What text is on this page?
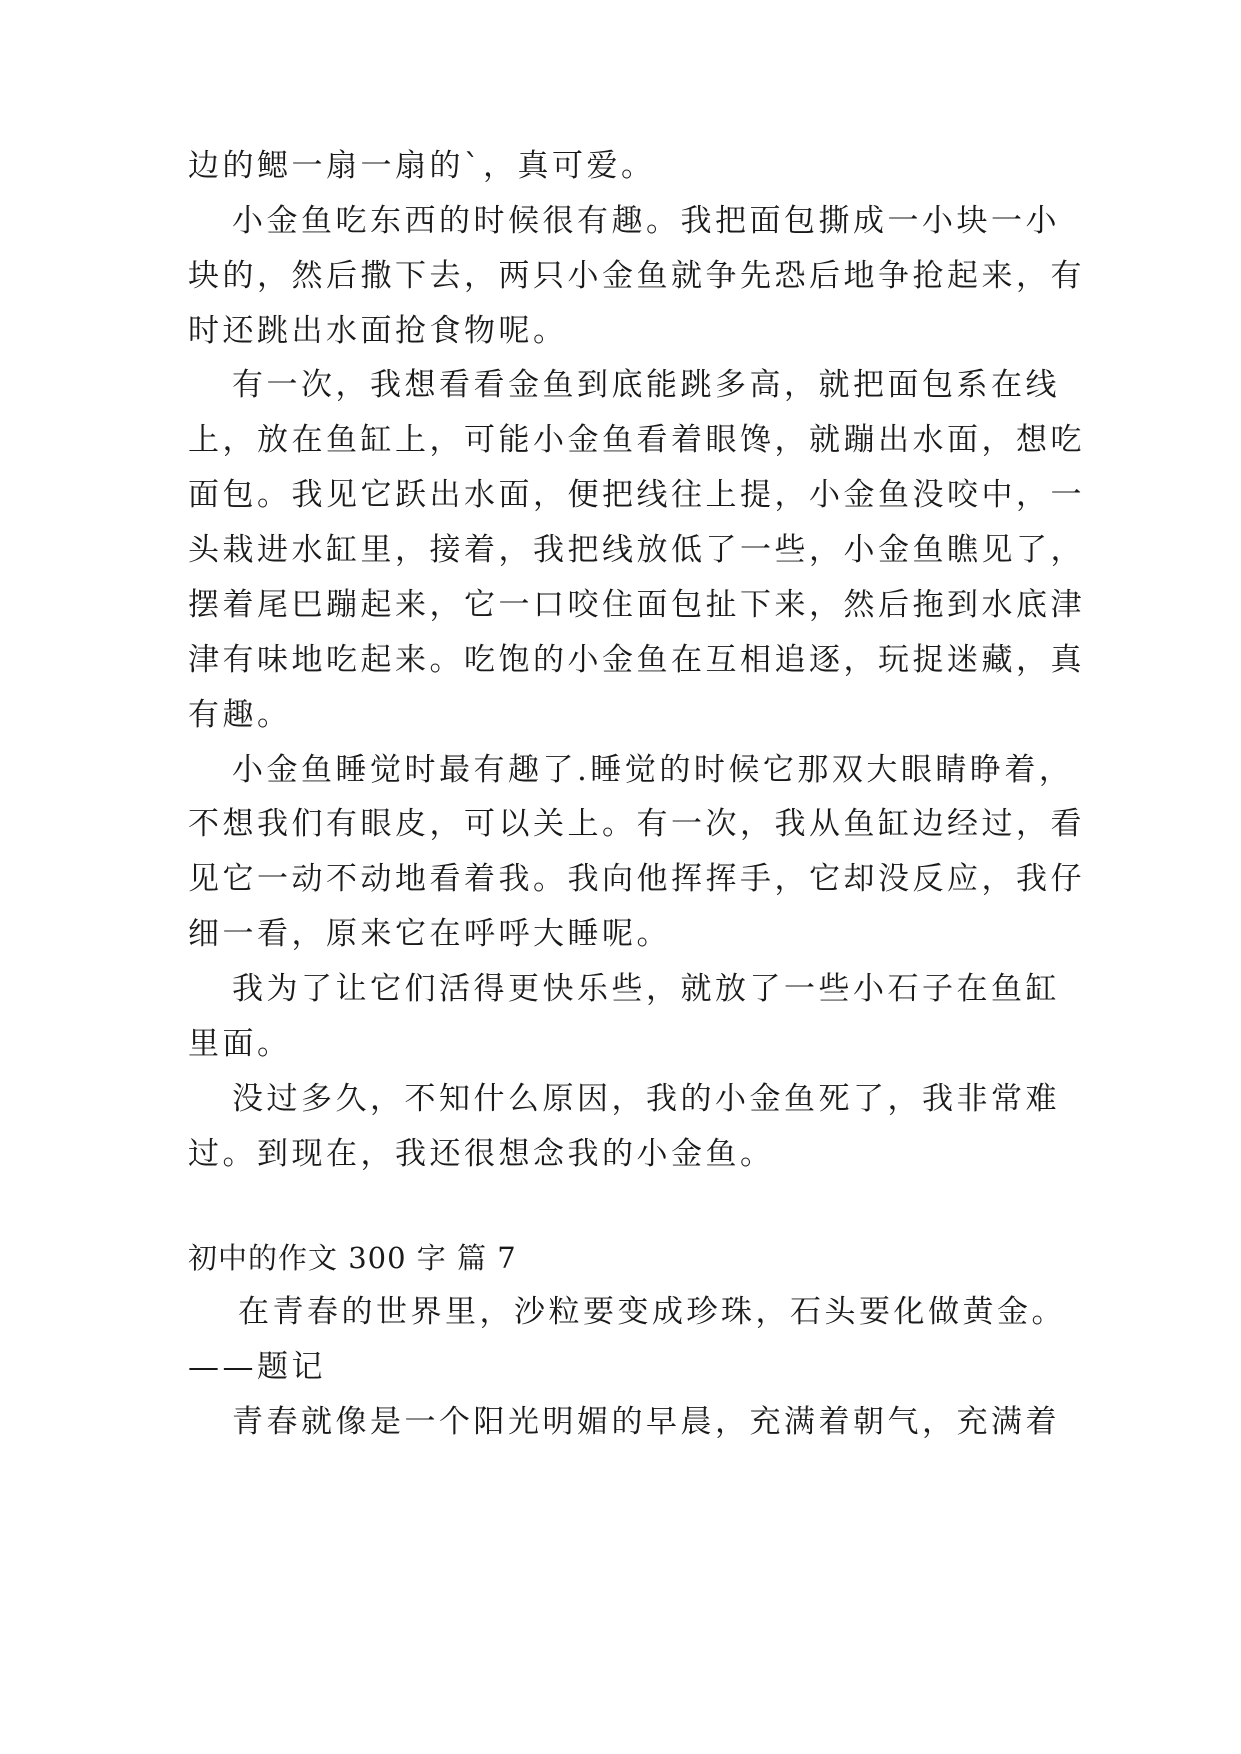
边的鳃一扇一扇的`，真可爱。
小金鱼吃东西的时候很有趣。我把面包撕成一小块一小
块的，然后撒下去，两只小金鱼就争先恐后地争抢起来，有
时还跳出水面抢食物呢。
有一次，我想看看金鱼到底能跳多高，就把面包系在线
上，放在鱼缸上，可能小金鱼看着眼馋，就蹦出水面，想吃
面包。我见它跃出水面，便把线往上提，小金鱼没咬中，一
头栽进水缸里，接着，我把线放低了一些，小金鱼瞧见了，
摆着尾巴蹦起来，它一口咬住面包扯下来，然后拖到水底津
津有味地吃起来。吃饱的小金鱼在互相追逐，玩捉迷藏，真
有趣。
小金鱼睡觉时最有趣了.睡觉的时候它那双大眼睛睁着，
不想我们有眼皮，可以关上。有一次，我从鱼缸边经过，看
见它一动不动地看着我。我向他挥挥手，它却没反应，我仔
细一看，原来它在呼呼大睡呢。
我为了让它们活得更快乐些，就放了一些小石子在鱼缸
里面。
没过多久，不知什么原因，我的小金鱼死了，我非常难
过。到现在，我还很想念我的小金鱼。
初中的作文 300 字 篇 7
在青春的世界里，沙粒要变成珍珠，石头要化做黄金。
——题记
青春就像是一个阳光明媚的早晨，充满着朝气，充满着
